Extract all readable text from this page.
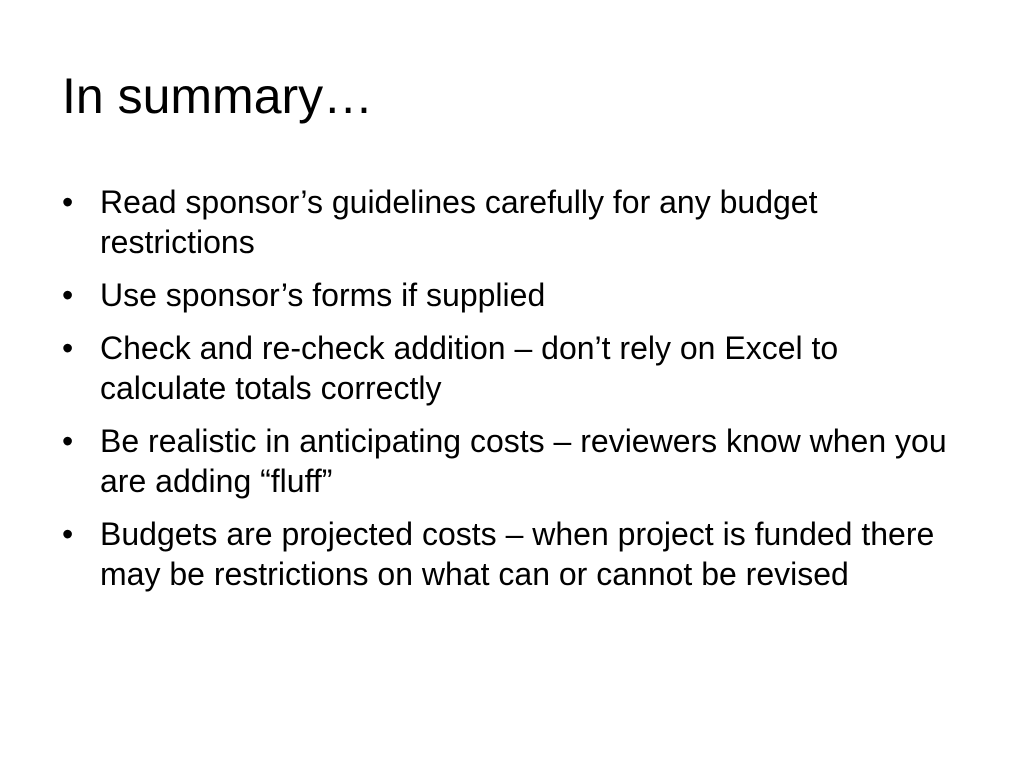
In summary…
• Read sponsor’s guidelines carefully for any budget restrictions
• Use sponsor’s forms if supplied
• Check and re-check addition – don’t rely on Excel to calculate totals correctly
• Be realistic in anticipating costs – reviewers know when you are adding “fluff”
• Budgets are projected costs – when project is funded there may be restrictions on what can or cannot be revised
